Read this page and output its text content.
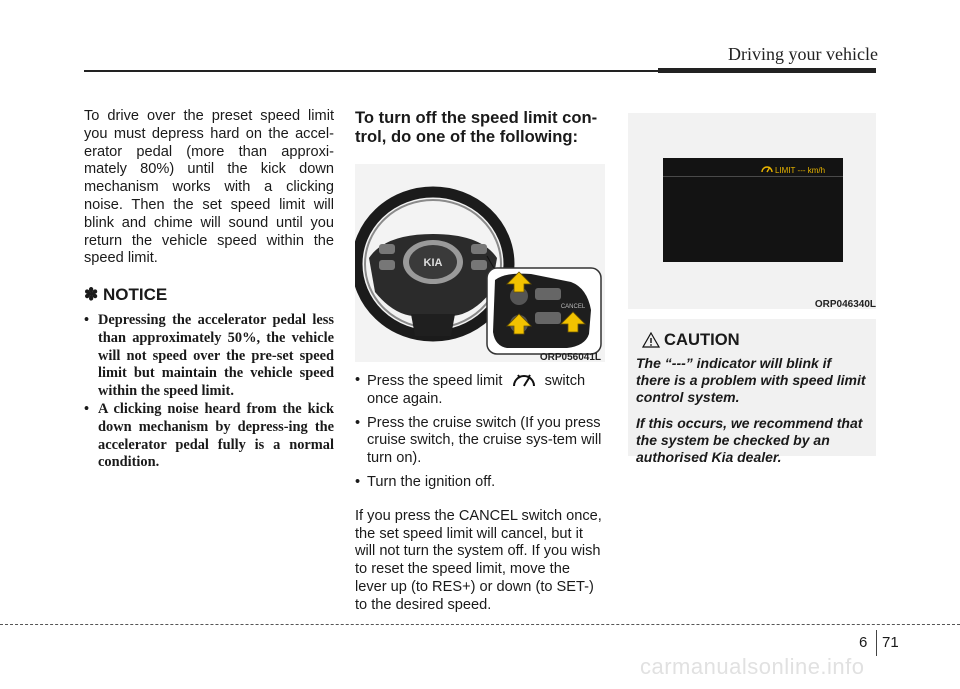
Driving your vehicle

To drive over the preset speed limit you must depress hard on the accel-erator pedal (more than approxi-mately 80%) until the kick down mechanism works with a clicking noise. Then the set speed limit will blink and chime will sound until you return the vehicle speed within the speed limit.

✽ NOTICE
• Depressing the accelerator pedal less than approximately 50%, the vehicle will not speed over the pre-set speed limit but maintain the vehicle speed within the speed limit.
• A clicking noise heard from the kick down mechanism by depress-ing the accelerator pedal fully is a normal condition.
To turn off the speed limit con-trol, do one of the following:
KIA
CANCEL
ORP056041L
• Press the speed limit	switch once again.
• Press the cruise switch (If you press cruise switch, the cruise sys-tem will turn on).
• Turn the ignition off.

If you press the CANCEL switch once, the set speed limit will cancel, but it will not turn the system off. If you wish to reset the speed limit, move the lever up (to RES+) or down (to SET-) to the desired speed.

LIMIT --- km/h
ORP046340L
CAUTION

The “---” indicator will blink if there is a problem with speed limit control system.

If this occurs, we recommend that the system be checked by an authorised Kia dealer.

6 71
carmanualsonline.info
